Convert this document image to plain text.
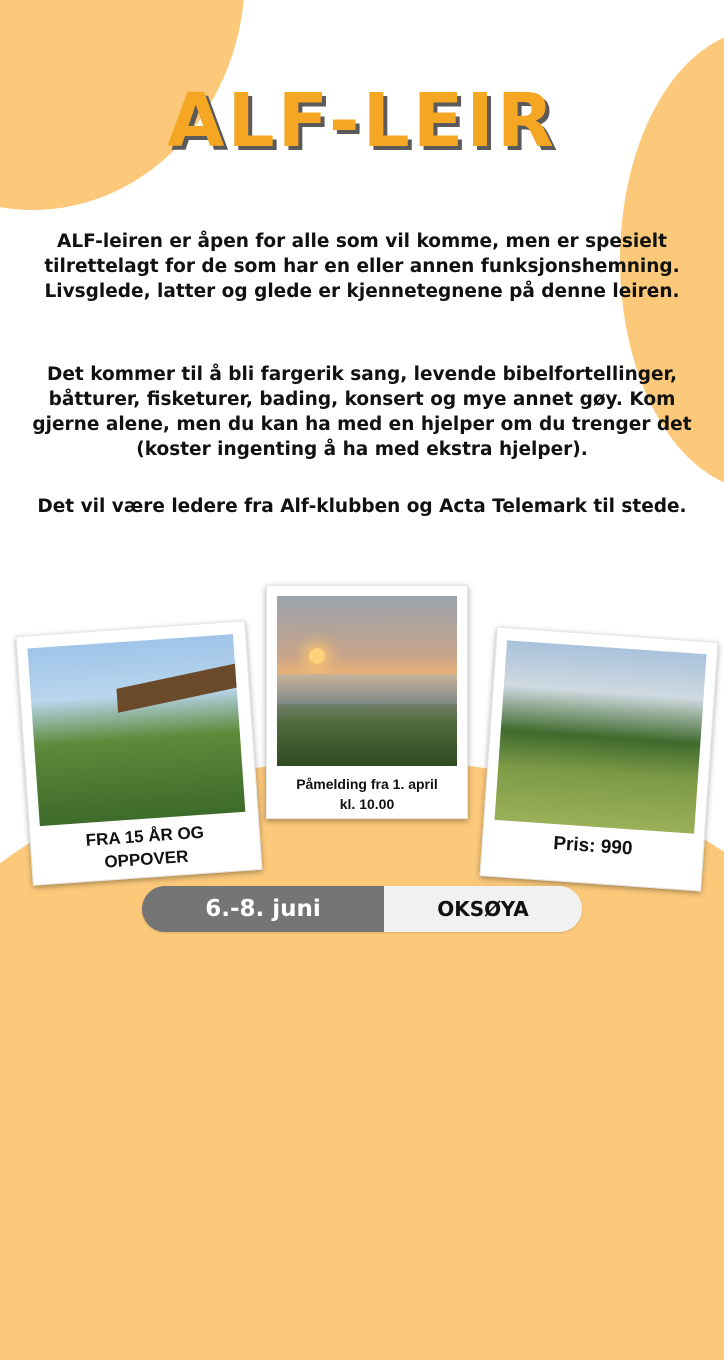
ALF-LEIR

ALF-leiren er åpen for alle som vil komme, men er spesielt tilrettelagt for de som har en eller annen funksjonshemning. Livsglede, latter og glede er kjennetegnene på denne leiren.

Det kommer til å bli fargerik sang, levende bibelfortellinger, båtturer, fisketurer, bading, konsert og mye annet gøy. Kom gjerne alene, men du kan ha med en hjelper om du trenger det (koster ingenting å ha med ekstra hjelper).

Det vil være ledere fra Alf-klubben og Acta Telemark til stede.

FRA 15 ÅR OG
OPPOVER
Påmelding fra 1. april
kl. 10.00
Pris: 990
6.-8. juni	OKSØYA
